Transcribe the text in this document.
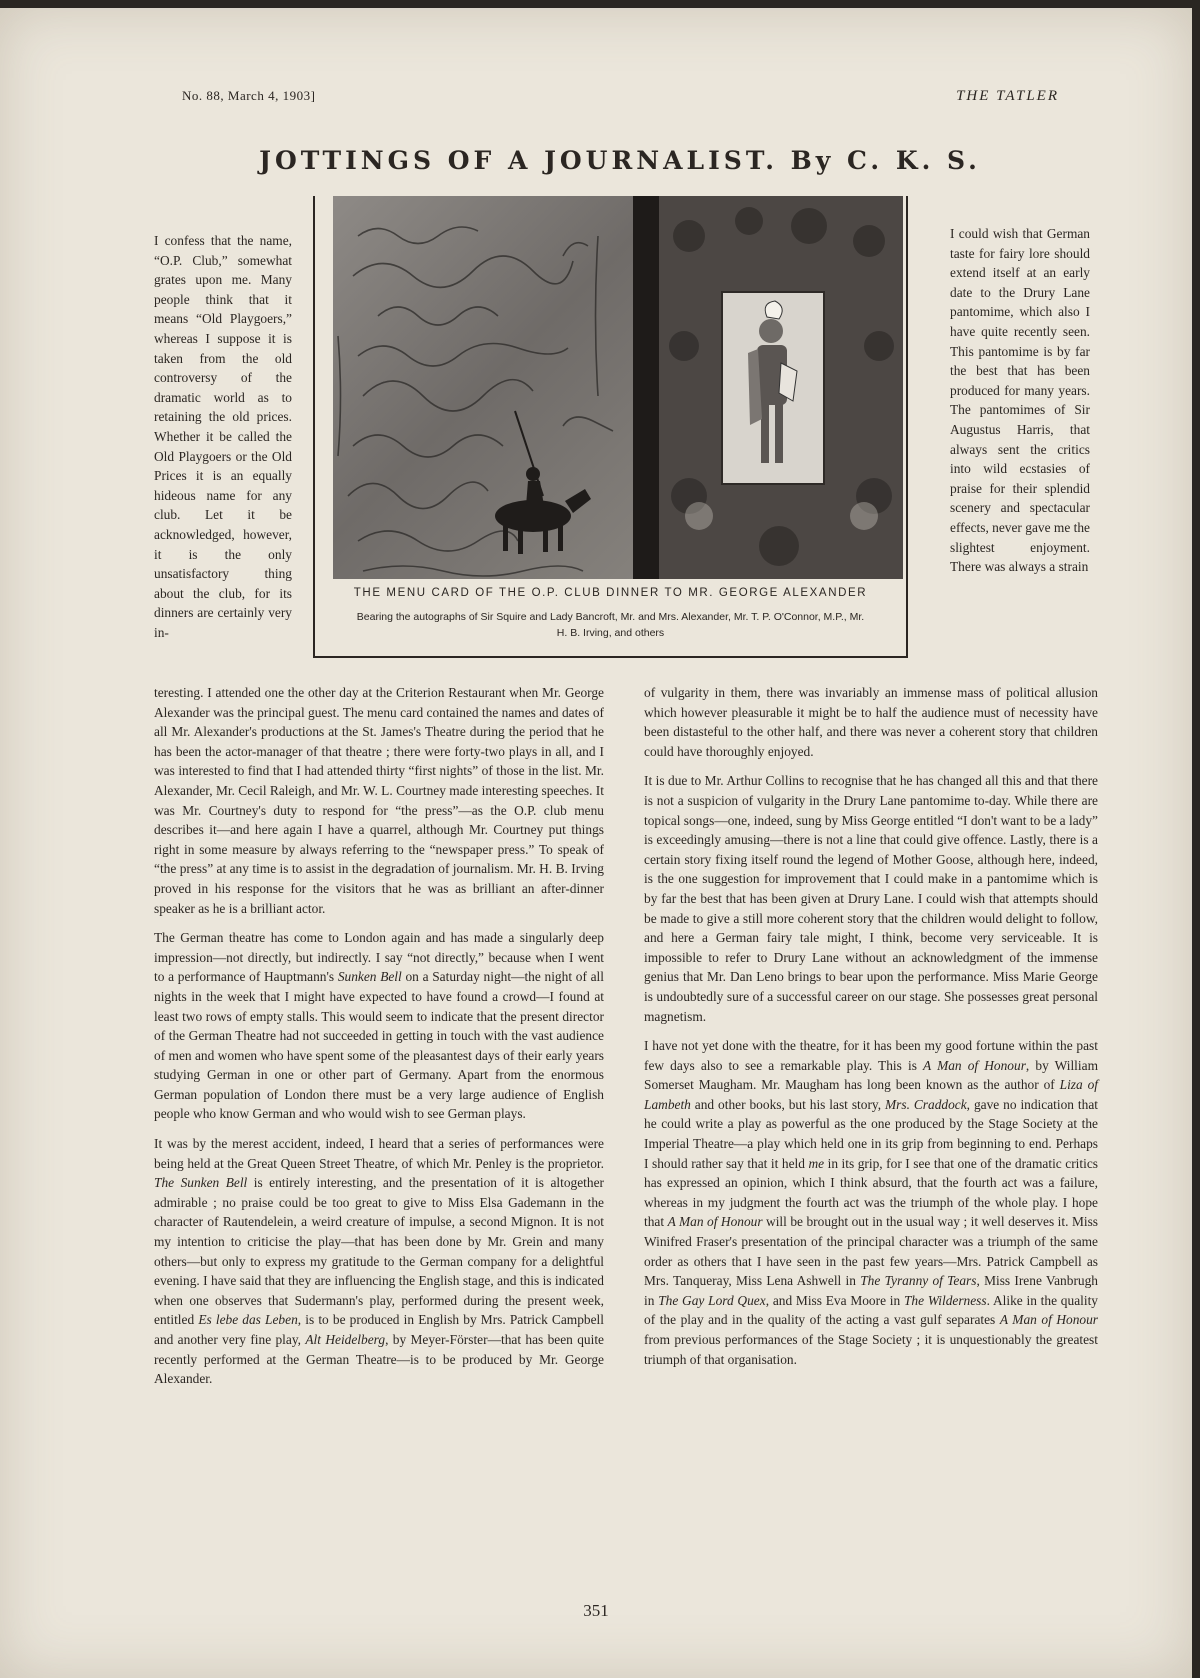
No. 88, March 4, 1903]	THE TATLER
JOTTINGS OF A JOURNALIST. By C. K. S.

I confess that the name, “O.P. Club,” somewhat grates upon me. Many people think that it means “Old Playgoers,” whereas I suppose it is taken from the old controversy of the dramatic world as to retaining the old prices. Whether it be called the Old Playgoers or the Old Prices it is an equally hideous name for any club. Let it be acknowledged, however, it is the only unsatisfactory thing about the club, for its dinners are certainly very in-

THE MENU CARD OF THE O.P. CLUB DINNER TO MR. GEORGE ALEXANDER
Bearing the autographs of Sir Squire and Lady Bancroft, Mr. and Mrs. Alexander, Mr. T. P. O'Connor, M.P., Mr. H. B. Irving, and others

I could wish that German taste for fairy lore should extend itself at an early date to the Drury Lane pantomime, which also I have quite recently seen. This pantomime is by far the best that has been produced for many years. The pantomimes of Sir Augustus Harris, that always sent the critics into wild ecstasies of praise for their splendid scenery and spectacular effects, never gave me the slightest enjoyment. There was always a strain

teresting. I attended one the other day at the Criterion Restaurant when Mr. George Alexander was the principal guest. The menu card contained the names and dates of all Mr. Alexander's productions at the St. James's Theatre during the period that he has been the actor-manager of that theatre ; there were forty-two plays in all, and I was interested to find that I had attended thirty “first nights” of those in the list. Mr. Alexander, Mr. Cecil Raleigh, and Mr. W. L. Courtney made interesting speeches. It was Mr. Courtney's duty to respond for “the press”—as the O.P. club menu describes it—and here again I have a quarrel, although Mr. Courtney put things right in some measure by always referring to the “newspaper press.” To speak of “the press” at any time is to assist in the degradation of journalism. Mr. H. B. Irving proved in his response for the visitors that he was as brilliant an after-dinner speaker as he is a brilliant actor.

The German theatre has come to London again and has made a singularly deep impression—not directly, but indirectly. I say “not directly,” because when I went to a performance of Hauptmann's Sunken Bell on a Saturday night—the night of all nights in the week that I might have expected to have found a crowd—I found at least two rows of empty stalls. This would seem to indicate that the present director of the German Theatre had not succeeded in getting in touch with the vast audience of men and women who have spent some of the pleasantest days of their early years studying German in one or other part of Germany. Apart from the enormous German population of London there must be a very large audience of English people who know German and who would wish to see German plays.

It was by the merest accident, indeed, I heard that a series of performances were being held at the Great Queen Street Theatre, of which Mr. Penley is the proprietor. The Sunken Bell is entirely interesting, and the presentation of it is altogether admirable ; no praise could be too great to give to Miss Elsa Gademann in the character of Rautendelein, a weird creature of impulse, a second Mignon. It is not my intention to criticise the play—that has been done by Mr. Grein and many others—but only to express my gratitude to the German company for a delightful evening. I have said that they are influencing the English stage, and this is indicated when one observes that Sudermann's play, performed during the present week, entitled Es lebe das Leben, is to be produced in English by Mrs. Patrick Campbell and another very fine play, Alt Heidelberg, by Meyer-Förster—that has been quite recently performed at the German Theatre—is to be produced by Mr. George Alexander.

of vulgarity in them, there was invariably an immense mass of political allusion which however pleasurable it might be to half the audience must of necessity have been distasteful to the other half, and there was never a coherent story that children could have thoroughly enjoyed.

It is due to Mr. Arthur Collins to recognise that he has changed all this and that there is not a suspicion of vulgarity in the Drury Lane pantomime to-day. While there are topical songs—one, indeed, sung by Miss George entitled “I don't want to be a lady” is exceedingly amusing—there is not a line that could give offence. Lastly, there is a certain story fixing itself round the legend of Mother Goose, although here, indeed, is the one suggestion for improvement that I could make in a pantomime which is by far the best that has been given at Drury Lane. I could wish that attempts should be made to give a still more coherent story that the children would delight to follow, and here a German fairy tale might, I think, become very serviceable. It is impossible to refer to Drury Lane without an acknowledgment of the immense genius that Mr. Dan Leno brings to bear upon the performance. Miss Marie George is undoubtedly sure of a successful career on our stage. She possesses great personal magnetism.

I have not yet done with the theatre, for it has been my good fortune within the past few days also to see a remarkable play. This is A Man of Honour, by William Somerset Maugham. Mr. Maugham has long been known as the author of Liza of Lambeth and other books, but his last story, Mrs. Craddock, gave no indication that he could write a play as powerful as the one produced by the Stage Society at the Imperial Theatre—a play which held one in its grip from beginning to end. Perhaps I should rather say that it held me in its grip, for I see that one of the dramatic critics has expressed an opinion, which I think absurd, that the fourth act was a failure, whereas in my judgment the fourth act was the triumph of the whole play. I hope that A Man of Honour will be brought out in the usual way ; it well deserves it. Miss Winifred Fraser's presentation of the principal character was a triumph of the same order as others that I have seen in the past few years—Mrs. Patrick Campbell as Mrs. Tanqueray, Miss Lena Ashwell in The Tyranny of Tears, Miss Irene Vanbrugh in The Gay Lord Quex, and Miss Eva Moore in The Wilderness. Alike in the quality of the play and in the quality of the acting a vast gulf separates A Man of Honour from previous performances of the Stage Society ; it is unquestionably the greatest triumph of that organisation.

351
